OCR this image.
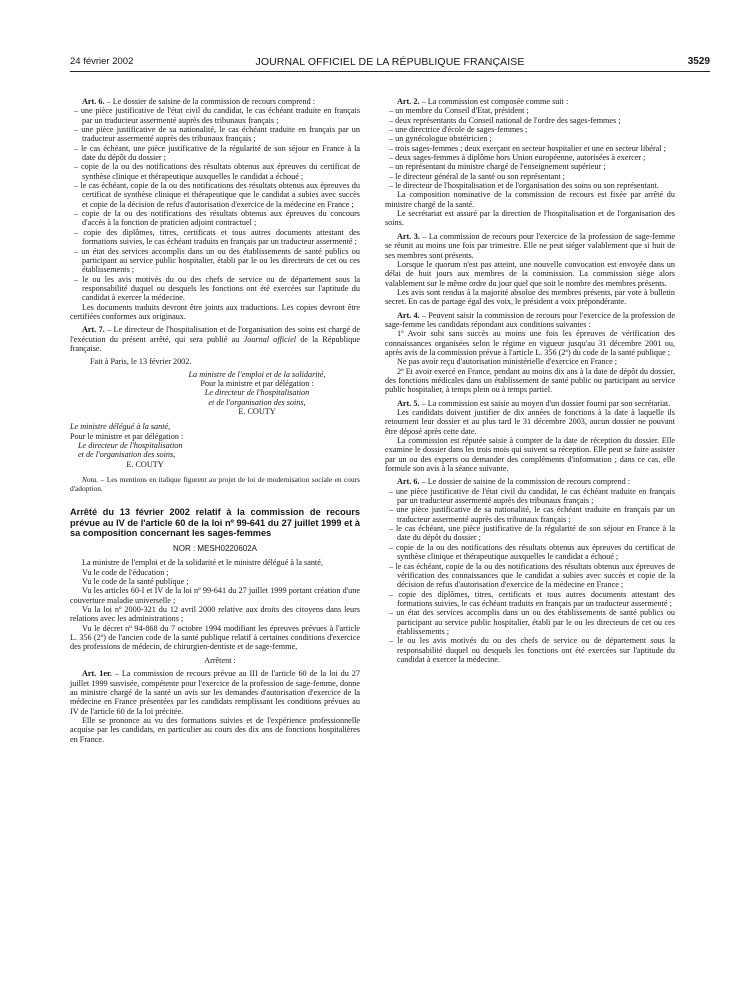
24 février 2002	JOURNAL OFFICIEL DE LA RÉPUBLIQUE FRANÇAISE	3529

Art. 6. – Le dossier de saisine de la commission de recours comprend :

– une pièce justificative de l'état civil du candidat, le cas échéant traduite en français par un traducteur assermenté auprès des tribunaux français ;

– une pièce justificative de sa nationalité, le cas échéant traduite en français par un traducteur assermenté auprès des tribunaux français ;

– le cas échéant, une pièce justificative de la régularité de son séjour en France à la date du dépôt du dossier ;

– copie de la ou des notifications des résultats obtenus aux épreuves du certificat de synthèse clinique et thérapeutique auxquelles le candidat a échoué ;

– le cas échéant, copie de la ou des notifications des résultats obtenus aux épreuves du certificat de synthèse clinique et thérapeutique que le candidat a subies avec succès et copie de la décision de refus d'autorisation d'exercice de la médecine en France ;

– copie de la ou des notifications des résultats obtenus aux épreuves du concours d'accès à la fonction de praticien adjoint contractuel ;

– copie des diplômes, titres, certificats et tous autres documents attestant des formations suivies, le cas échéant traduits en français par un traducteur assermenté ;

– un état des services accomplis dans un ou des établissements de santé publics ou participant au service public hospitalier, établi par le ou les directeurs de cet ou ces établissements ;

– le ou les avis motivés du ou des chefs de service ou de département sous la responsabilité duquel ou desquels les fonctions ont été exercées sur l'aptitude du candidat à exercer la médecine.

Les documents traduits devront être joints aux traductions. Les copies devront être certifiées conformes aux originaux.

Art. 7. – Le directeur de l'hospitalisation et de l'organisation des soins est chargé de l'exécution du présent arrêté, qui sera publié au Journal officiel de la République française.

Fait à Paris, le 13 février 2002.

La ministre de l'emploi et de la solidarité,

Pour la ministre et par délégation :

Le directeur de l'hospitalisation

et de l'organisation des soins,

E. COUTY

Le ministre délégué à la santé,

Pour le ministre et par délégation :

Le directeur de l'hospitalisation

et de l'organisation des soins,

E. COUTY

Nota. – Les mentions en italique figurent au projet de loi de modernisation sociale en cours d'adoption.

Arrêté du 13 février 2002 relatif à la commission de recours prévue au IV de l'article 60 de la loi nº 99-641 du 27 juillet 1999 et à sa composition concernant les sages-femmes

NOR : MESH0220602A

La ministre de l'emploi et de la solidarité et le ministre délégué à la santé,

Vu le code de l'éducation ;

Vu le code de la santé publique ;

Vu les articles 60-I et IV de la loi nº 99-641 du 27 juillet 1999 portant création d'une couverture maladie universelle ;

Vu la loi nº 2000-321 du 12 avril 2000 relative aux droits des citoyens dans leurs relations avec les administrations ;

Vu le décret nº 94-868 du 7 octobre 1994 modifiant les épreuves prévues à l'article L. 356 (2º) de l'ancien code de la santé publique relatif à certaines conditions d'exercice des professions de médecin, de chirurgien-dentiste et de sage-femme,

Arrêtent :

Art. 1er. – La commission de recours prévue au III de l'article 60 de la loi du 27 juillet 1999 susvisée, compétente pour l'exercice de la profession de sage-femme, donne au ministre chargé de la santé un avis sur les demandes d'autorisation d'exercice de la médecine en France présentées par les candidats remplissant les conditions prévues au IV de l'article 60 de la loi précitée.

Elle se prononce au vu des formations suivies et de l'expérience professionnelle acquise par les candidats, en particulier au cours des dix ans de fonctions hospitalières en France.

Art. 2. – La commission est composée comme suit :

– un membre du Conseil d'Etat, président ;

– deux représentants du Conseil national de l'ordre des sages-femmes ;

– une directrice d'école de sages-femmes ;

– un gynécologue obstétricien ;

– trois sages-femmes ; deux exerçant en secteur hospitalier et une en secteur libéral ;

– deux sages-femmes à diplôme hors Union européenne, autorisées à exercer ;

– un représentant du ministre chargé de l'enseignement supérieur ;

– le directeur général de la santé ou son représentant ;

– le directeur de l'hospitalisation et de l'organisation des soins ou son représentant.

La composition nominative de la commission de recours est fixée par arrêté du ministre chargé de la santé.

Le secrétariat est assuré par la direction de l'hospitalisation et de l'organisation des soins.

Art. 3. – La commission de recours pour l'exercice de la profession de sage-femme se réunit au moins une fois par trimestre. Elle ne peut siéger valablement que si huit de ses membres sont présents.

Lorsque le quorum n'est pas atteint, une nouvelle convocation est envoyée dans un délai de huit jours aux membres de la commission. La commission siège alors valablement sur le même ordre du jour quel que soit le nombre des membres présents.

Les avis sont rendus à la majorité absolue des membres présents, par vote à bulletin secret. En cas de partage égal des voix, le président a voix prépondérante.

Art. 4. – Peuvent saisir la commission de recours pour l'exercice de la profession de sage-femme les candidats répondant aux conditions suivantes :

1º Avoir subi sans succès au moins une fois les épreuves de vérification des connaissances organisées selon le régime en vigueur jusqu'au 31 décembre 2001 ou, après avis de la commission prévue à l'article L. 356 (2º) du code de la santé publique ;

Ne pas avoir reçu d'autorisation ministérielle d'exercice en France ;

2º Et avoir exercé en France, pendant au moins dix ans à la date de dépôt du dossier, des fonctions médicales dans un établissement de santé public ou participant au service public hospitalier, à temps plein ou à temps partiel.

Art. 5. – La commission est saisie au moyen d'un dossier fourni par son secrétariat.

Les candidats doivent justifier de dix années de fonctions à la date à laquelle ils retournent leur dossier et au plus tard le 31 décembre 2003, aucun dossier ne pouvant être déposé après cette date.

La commission est réputée saisie à compter de la date de réception du dossier. Elle examine le dossier dans les trois mois qui suivent sa réception. Elle peut se faire assister par un ou des experts ou demander des compléments d'information ; dans ce cas, elle formule son avis à la séance suivante.

Art. 6. – Le dossier de saisine de la commission de recours comprend :

– une pièce justificative de l'état civil du candidat, le cas échéant traduite en français par un traducteur assermenté auprès des tribunaux français ;

– une pièce justificative de sa nationalité, le cas échéant traduite en français par un traducteur assermenté auprès des tribunaux français ;

– le cas échéant, une pièce justificative de la régularité de son séjour en France à la date du dépôt du dossier ;

– copie de la ou des notifications des résultats obtenus aux épreuves du certificat de synthèse clinique et thérapeutique auxquelles le candidat a échoué ;

– le cas échéant, copie de la ou des notifications des résultats obtenus aux épreuves de vérification des connaissances que le candidat a subies avec succès et copie de la décision de refus d'autorisation d'exercice de la médecine en France ;

– copie des diplômes, titres, certificats et tous autres documents attestant des formations suivies, le cas échéant traduits en français par un traducteur assermenté ;

– un état des services accomplis dans un ou des établissements de santé publics ou participant au service public hospitalier, établi par le ou les directeurs de cet ou ces établissements ;

– le ou les avis motivés du ou des chefs de service ou de département sous la responsabilité duquel ou desquels les fonctions ont été exercées sur l'aptitude du candidat à exercer la médecine.
